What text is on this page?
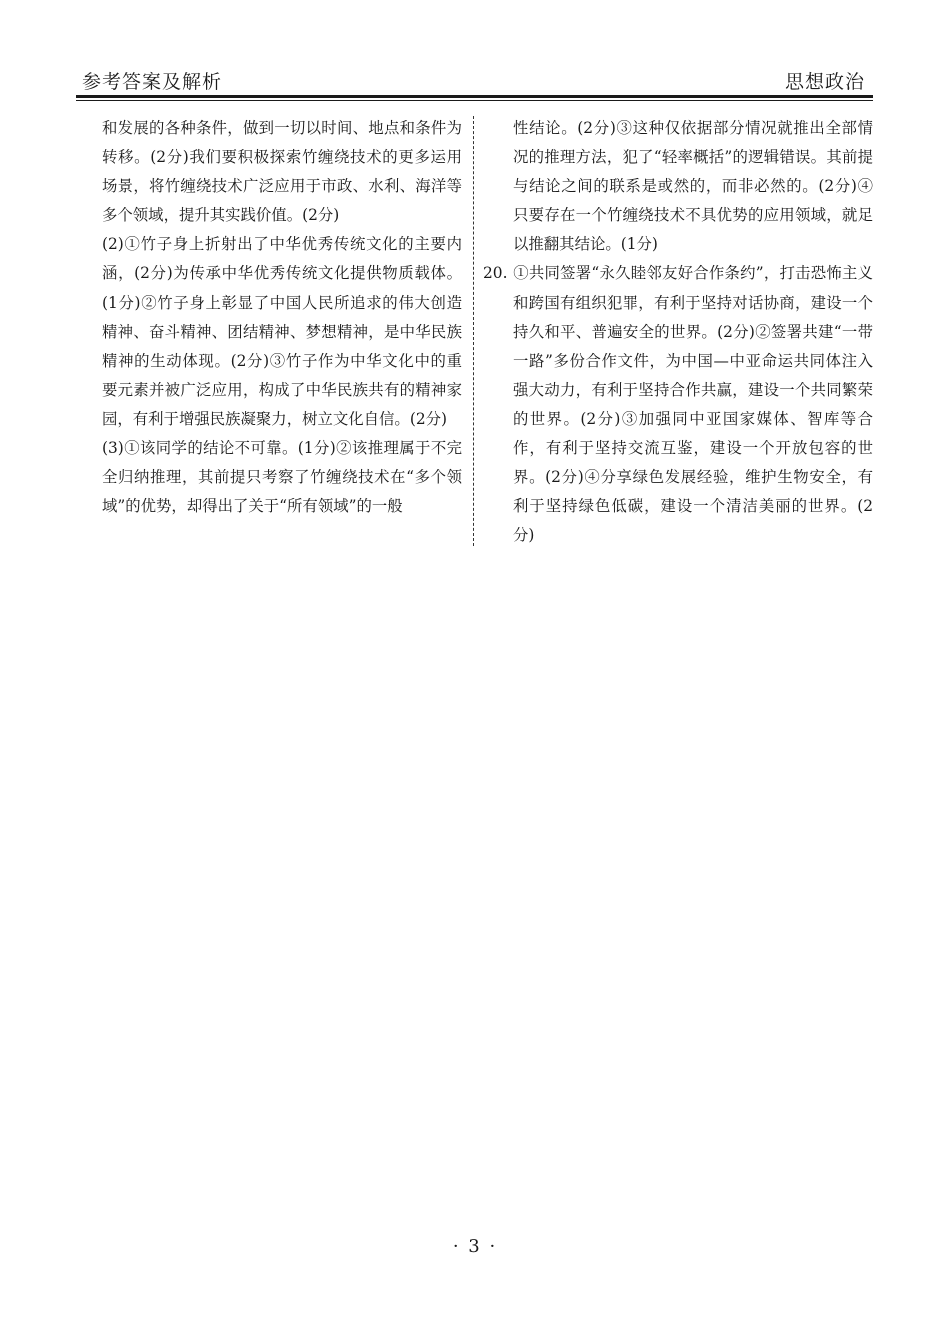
参考答案及解析	思想政治

和发展的各种条件，做到一切以时间、地点和条件为转移。(2分)我们要积极探索竹缠绕技术的更多运用场景，将竹缠绕技术广泛应用于市政、水利、海洋等多个领域，提升其实践价值。(2分)

(2)①竹子身上折射出了中华优秀传统文化的主要内涵，(2分)为传承中华优秀传统文化提供物质载体。(1分)②竹子身上彰显了中国人民所追求的伟大创造精神、奋斗精神、团结精神、梦想精神，是中华民族精神的生动体现。(2分)③竹子作为中华文化中的重要元素并被广泛应用，构成了中华民族共有的精神家园，有利于增强民族凝聚力，树立文化自信。(2分)

(3)①该同学的结论不可靠。(1分)②该推理属于不完全归纳推理，其前提只考察了竹缠绕技术在“多个领域”的优势，却得出了关于“所有领域”的一般

性结论。(2分)③这种仅依据部分情况就推出全部情况的推理方法，犯了“轻率概括”的逻辑错误。其前提与结论之间的联系是或然的，而非必然的。(2分)④只要存在一个竹缠绕技术不具优势的应用领域，就足以推翻其结论。(1分)

20. ①共同签署“永久睦邻友好合作条约”，打击恐怖主义和跨国有组织犯罪，有利于坚持对话协商，建设一个持久和平、普遍安全的世界。(2分)②签署共建“一带一路”多份合作文件，为中国—中亚命运共同体注入强大动力，有利于坚持合作共赢，建设一个共同繁荣的世界。(2分)③加强同中亚国家媒体、智库等合作，有利于坚持交流互鉴，建设一个开放包容的世界。(2分)④分享绿色发展经验，维护生物安全，有利于坚持绿色低碳，建设一个清洁美丽的世界。(2分)

· 3 ·
